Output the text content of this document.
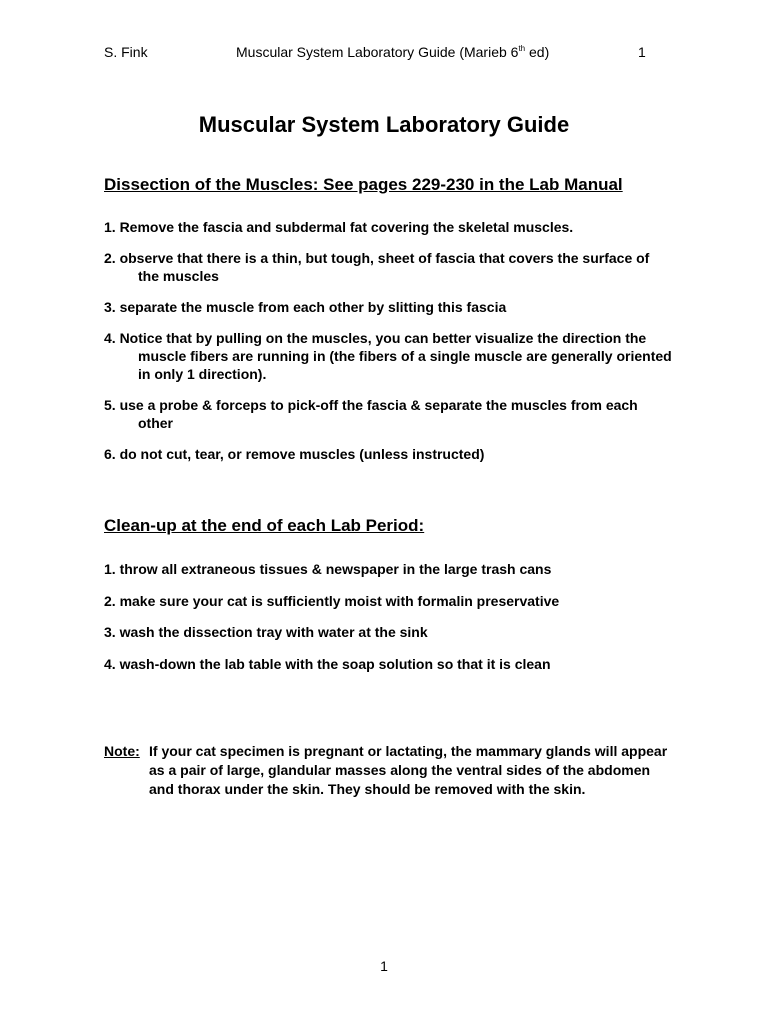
S. Fink	Muscular System Laboratory Guide (Marieb 6th ed)	1
Muscular System Laboratory Guide
Dissection of the Muscles: See pages 229-230 in the Lab Manual
1. Remove the fascia and subdermal fat covering the skeletal muscles.
2. observe that there is a thin, but tough, sheet of fascia that covers the surface of the muscles
3. separate the muscle from each other by slitting this fascia
4. Notice that by pulling on the muscles, you can better visualize the direction the muscle fibers are running in (the fibers of a single muscle are generally oriented in only 1 direction).
5. use a probe & forceps to pick-off the fascia & separate the muscles from each other
6. do not cut, tear, or remove muscles (unless instructed)
Clean-up at the end of each Lab Period:
1. throw all extraneous tissues & newspaper in the large trash cans
2. make sure your cat is sufficiently moist with formalin preservative
3. wash the dissection tray with water at the sink
4. wash-down the lab table with the soap solution so that it is clean
Note: If your cat specimen is pregnant or lactating, the mammary glands will appear as a pair of large, glandular masses along the ventral sides of the abdomen and thorax under the skin. They should be removed with the skin.

1
